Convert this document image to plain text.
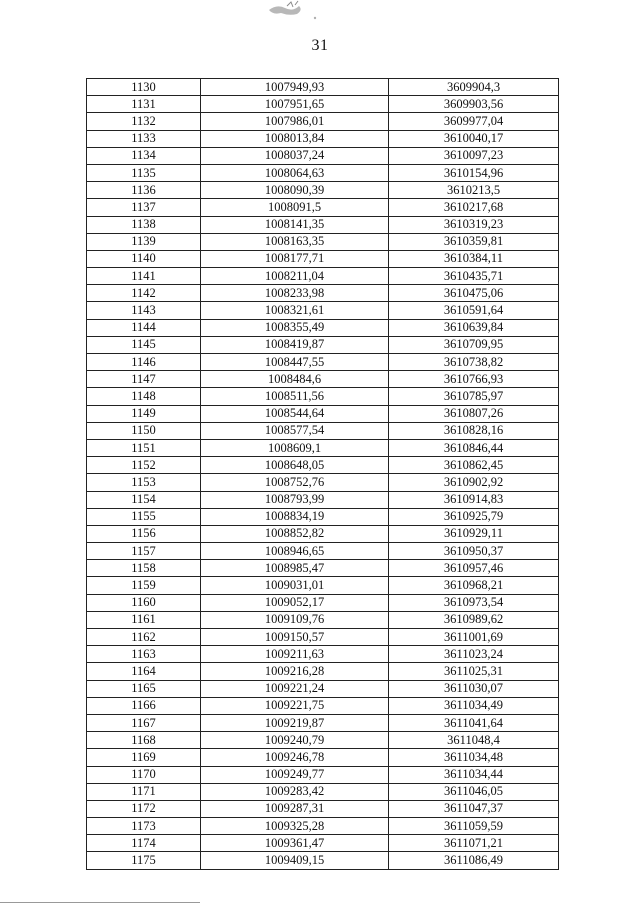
31
1130	1007949,93	3609904,3
1131	1007951,65	3609903,56
1132	1007986,01	3609977,04
1133	1008013,84	3610040,17
1134	1008037,24	3610097,23
1135	1008064,63	3610154,96
1136	1008090,39	3610213,5
1137	1008091,5	3610217,68
1138	1008141,35	3610319,23
1139	1008163,35	3610359,81
1140	1008177,71	3610384,11
1141	1008211,04	3610435,71
1142	1008233,98	3610475,06
1143	1008321,61	3610591,64
1144	1008355,49	3610639,84
1145	1008419,87	3610709,95
1146	1008447,55	3610738,82
1147	1008484,6	3610766,93
1148	1008511,56	3610785,97
1149	1008544,64	3610807,26
1150	1008577,54	3610828,16
1151	1008609,1	3610846,44
1152	1008648,05	3610862,45
1153	1008752,76	3610902,92
1154	1008793,99	3610914,83
1155	1008834,19	3610925,79
1156	1008852,82	3610929,11
1157	1008946,65	3610950,37
1158	1008985,47	3610957,46
1159	1009031,01	3610968,21
1160	1009052,17	3610973,54
1161	1009109,76	3610989,62
1162	1009150,57	3611001,69
1163	1009211,63	3611023,24
1164	1009216,28	3611025,31
1165	1009221,24	3611030,07
1166	1009221,75	3611034,49
1167	1009219,87	3611041,64
1168	1009240,79	3611048,4
1169	1009246,78	3611034,48
1170	1009249,77	3611034,44
1171	1009283,42	3611046,05
1172	1009287,31	3611047,37
1173	1009325,28	3611059,59
1174	1009361,47	3611071,21
1175	1009409,15	3611086,49
